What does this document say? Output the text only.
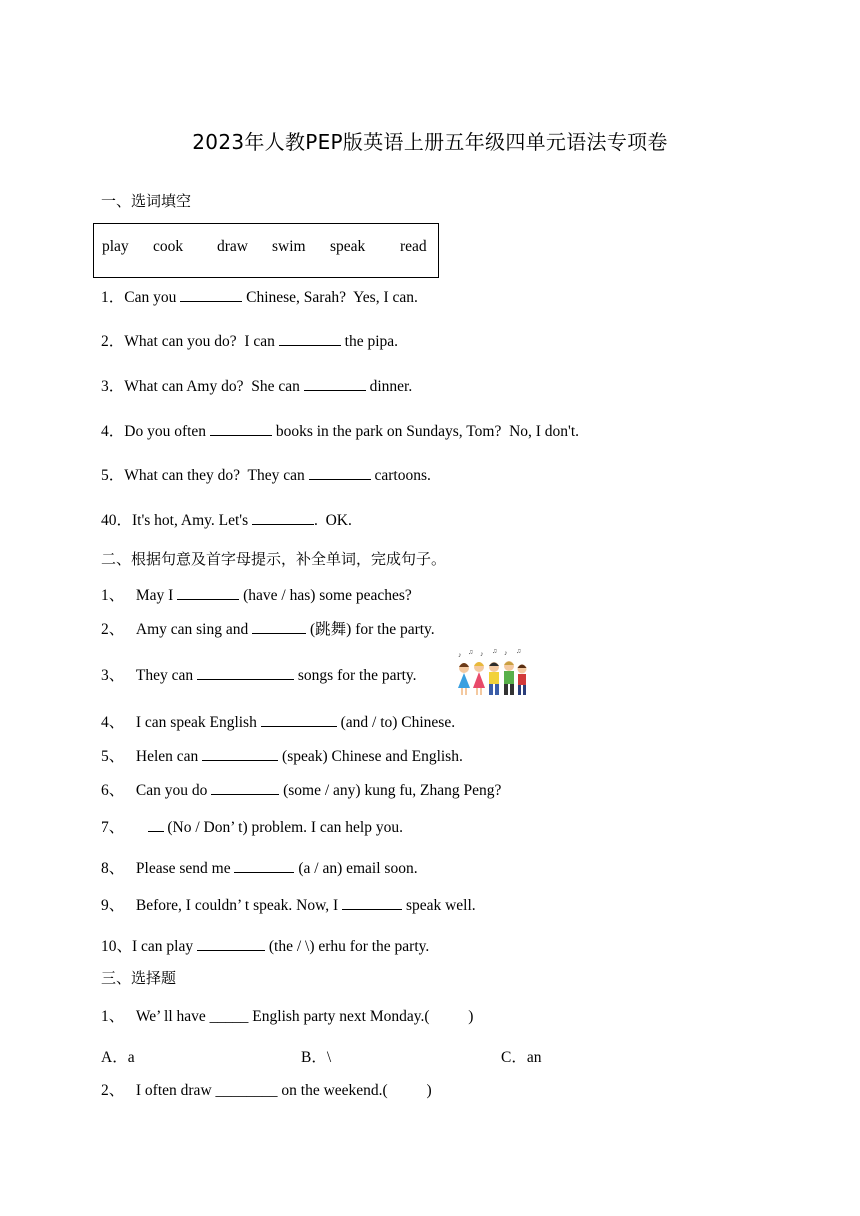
2023年人教PEP版英语上册五年级四单元语法专项卷
一、选词填空
play cook draw swim speak read
1．Can you	Chinese, Sarah?  Yes, I can.
2．What can you do?  I can	the pipa.
3．What can Amy do?  She can	dinner.
4．Do you often	books in the park on Sundays, Tom?  No, I don't.
5．What can they do?  They can	cartoons.
40．It's hot, Amy. Let's	.  OK.
二、根据句意及首字母提示，补全单词，完成句子。
1、 May I	(have / has) some peaches?
2、 Amy can sing and	(跳舞) for the party.
3、 They can	songs for the party.
♪ ♫ ♪ ♫ ♪ ♫
4、 I can speak English	(and / to) Chinese.
5、 Helen can	(speak) Chinese and English.
6、 Can you do	(some / any) kung fu, Zhang Peng?
7、	(No / Don’ t) problem. I can help you.
8、 Please send me	(a / an) email soon.
9、 Before, I couldn’ t speak. Now, I	speak well.
10、I can play	(the / \) erhu for the party.
三、选择题
1、 We’ ll have _____ English party next Monday.(          )
A．a	B．\	C．an
2、 I often draw ________ on the weekend.(          )
